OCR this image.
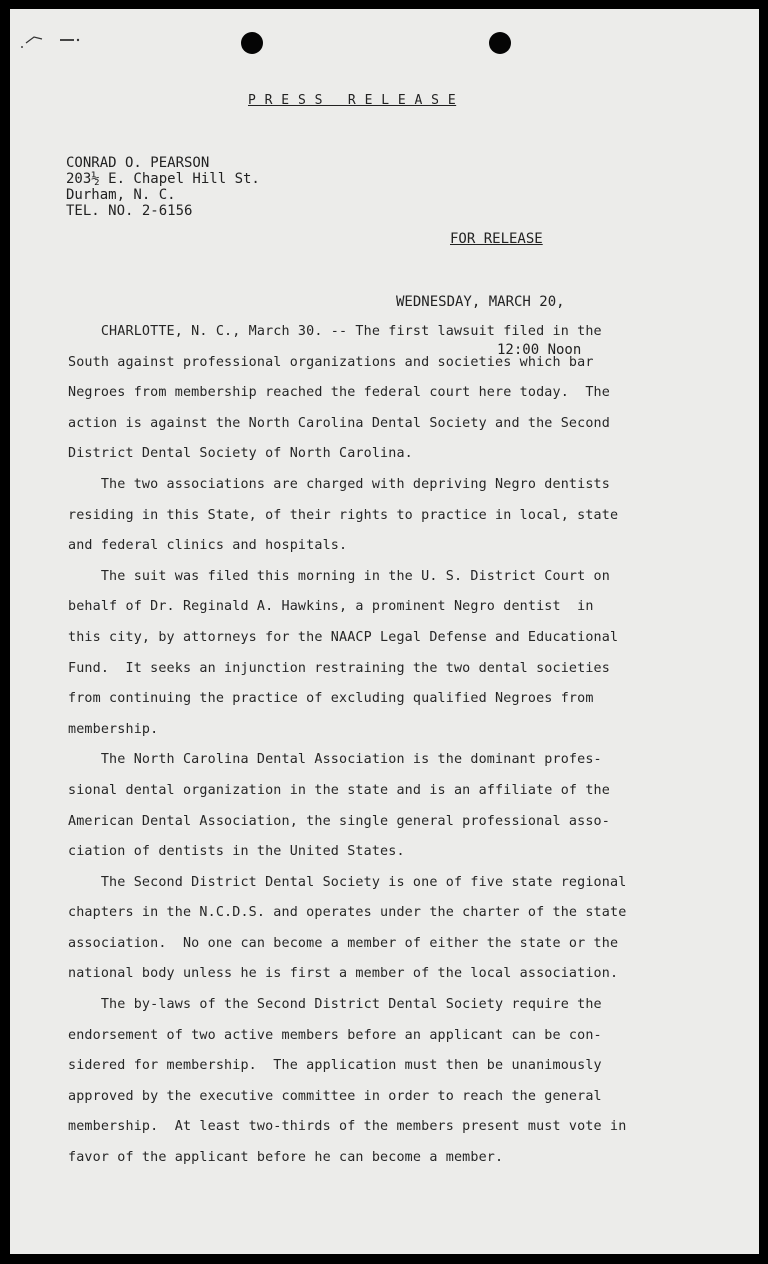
P R E S S   R E L E A S E
CONRAD O. PEARSON
203½ E. Chapel Hill St.
Durham, N. C.
TEL. NO. 2-6156
FOR RELEASE

WEDNESDAY, MARCH 20,

12:00 Noon

CHARLOTTE, N. C., March 30. -- The first lawsuit filed in the
South against professional organizations and societies which bar
Negroes from membership reached the federal court here today.  The
action is against the North Carolina Dental Society and the Second
District Dental Society of North Carolina.
The two associations are charged with depriving Negro dentists
residing in this State, of their rights to practice in local, state
and federal clinics and hospitals.
The suit was filed this morning in the U. S. District Court on
behalf of Dr. Reginald A. Hawkins, a prominent Negro dentist  in
this city, by attorneys for the NAACP Legal Defense and Educational
Fund.  It seeks an injunction restraining the two dental societies
from continuing the practice of excluding qualified Negroes from
membership.
The North Carolina Dental Association is the dominant profes-
sional dental organization in the state and is an affiliate of the
American Dental Association, the single general professional asso-
ciation of dentists in the United States.
The Second District Dental Society is one of five state regional
chapters in the N.C.D.S. and operates under the charter of the state
association.  No one can become a member of either the state or the
national body unless he is first a member of the local association.
The by-laws of the Second District Dental Society require the
endorsement of two active members before an applicant can be con-
sidered for membership.  The application must then be unanimously
approved by the executive committee in order to reach the general
membership.  At least two-thirds of the members present must vote in
favor of the applicant before he can become a member.
